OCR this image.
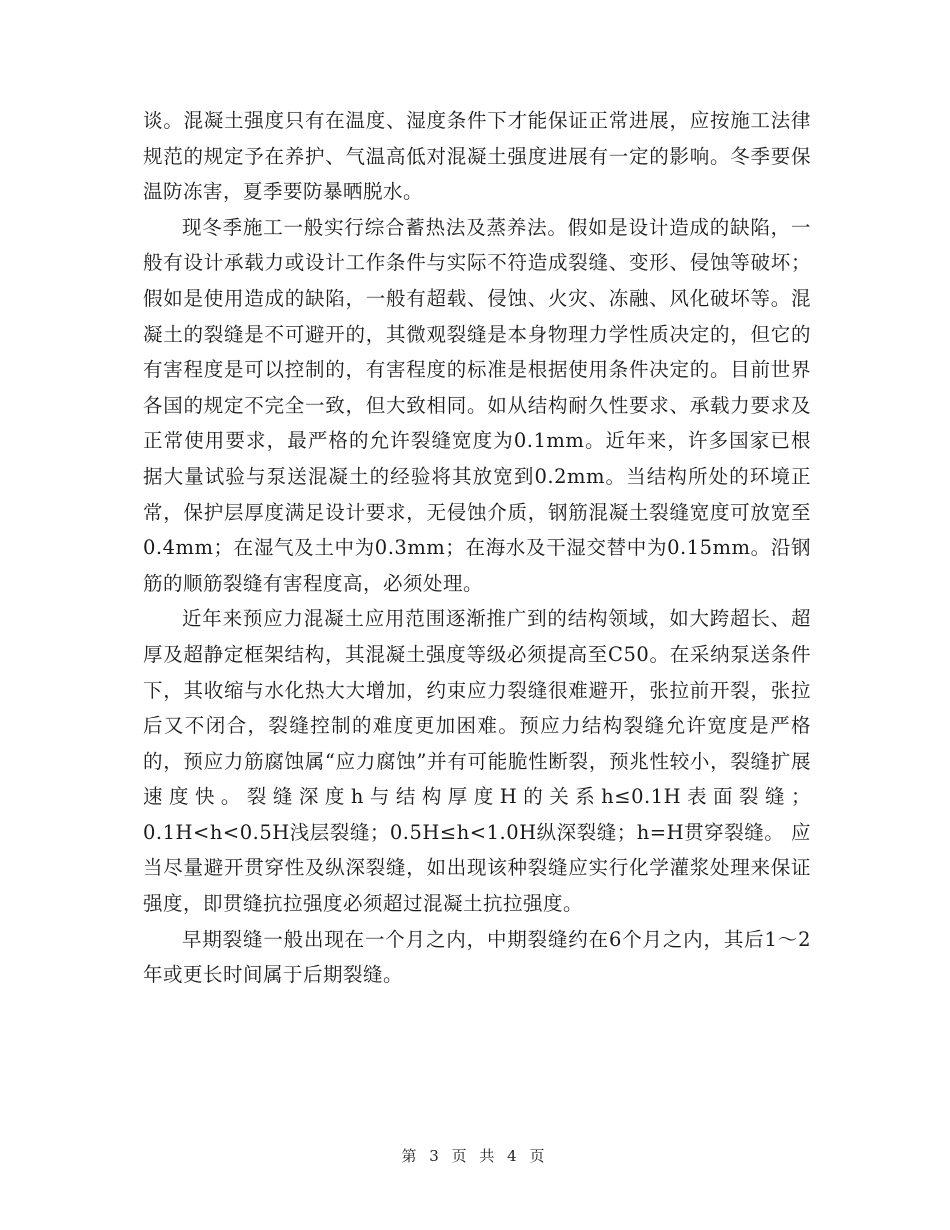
谈。混凝土强度只有在温度、湿度条件下才能保证正常进展，应按施工法律规范的规定予在养护、气温高低对混凝土强度进展有一定的影响。冬季要保温防冻害，夏季要防暴晒脱水。

现冬季施工一般实行综合蓄热法及蒸养法。假如是设计造成的缺陷，一般有设计承载力或设计工作条件与实际不符造成裂缝、变形、侵蚀等破坏；假如是使用造成的缺陷，一般有超载、侵蚀、火灾、冻融、风化破坏等。混凝土的裂缝是不可避开的，其微观裂缝是本身物理力学性质决定的，但它的有害程度是可以控制的，有害程度的标准是根据使用条件决定的。目前世界各国的规定不完全一致，但大致相同。如从结构耐久性要求、承载力要求及正常使用要求，最严格的允许裂缝宽度为0.1mm。近年来，许多国家已根据大量试验与泵送混凝土的经验将其放宽到0.2mm。当结构所处的环境正常，保护层厚度满足设计要求，无侵蚀介质，钢筋混凝土裂缝宽度可放宽至0.4mm；在湿气及土中为0.3mm；在海水及干湿交替中为0.15mm。沿钢筋的顺筋裂缝有害程度高，必须处理。

近年来预应力混凝土应用范围逐渐推广到的结构领域，如大跨超长、超厚及超静定框架结构，其混凝土强度等级必须提高至C50。在采纳泵送条件下，其收缩与水化热大大增加，约束应力裂缝很难避开，张拉前开裂，张拉后又不闭合，裂缝控制的难度更加困难。预应力结构裂缝允许宽度是严格的，预应力筋腐蚀属“应力腐蚀”并有可能脆性断裂，预兆性较小，裂缝扩展速度快。裂缝深度h与结构厚度H的关系h≤0.1H表面裂缝；0.1H<h<0.5H浅层裂缝；0.5H≤h<1.0H纵深裂缝；h=H贯穿裂缝。 应当尽量避开贯穿性及纵深裂缝，如出现该种裂缝应实行化学灌浆处理来保证强度，即贯缝抗拉强度必须超过混凝土抗拉强度。

早期裂缝一般出现在一个月之内，中期裂缝约在6个月之内，其后1～2年或更长时间属于后期裂缝。

第 3 页 共 4 页
